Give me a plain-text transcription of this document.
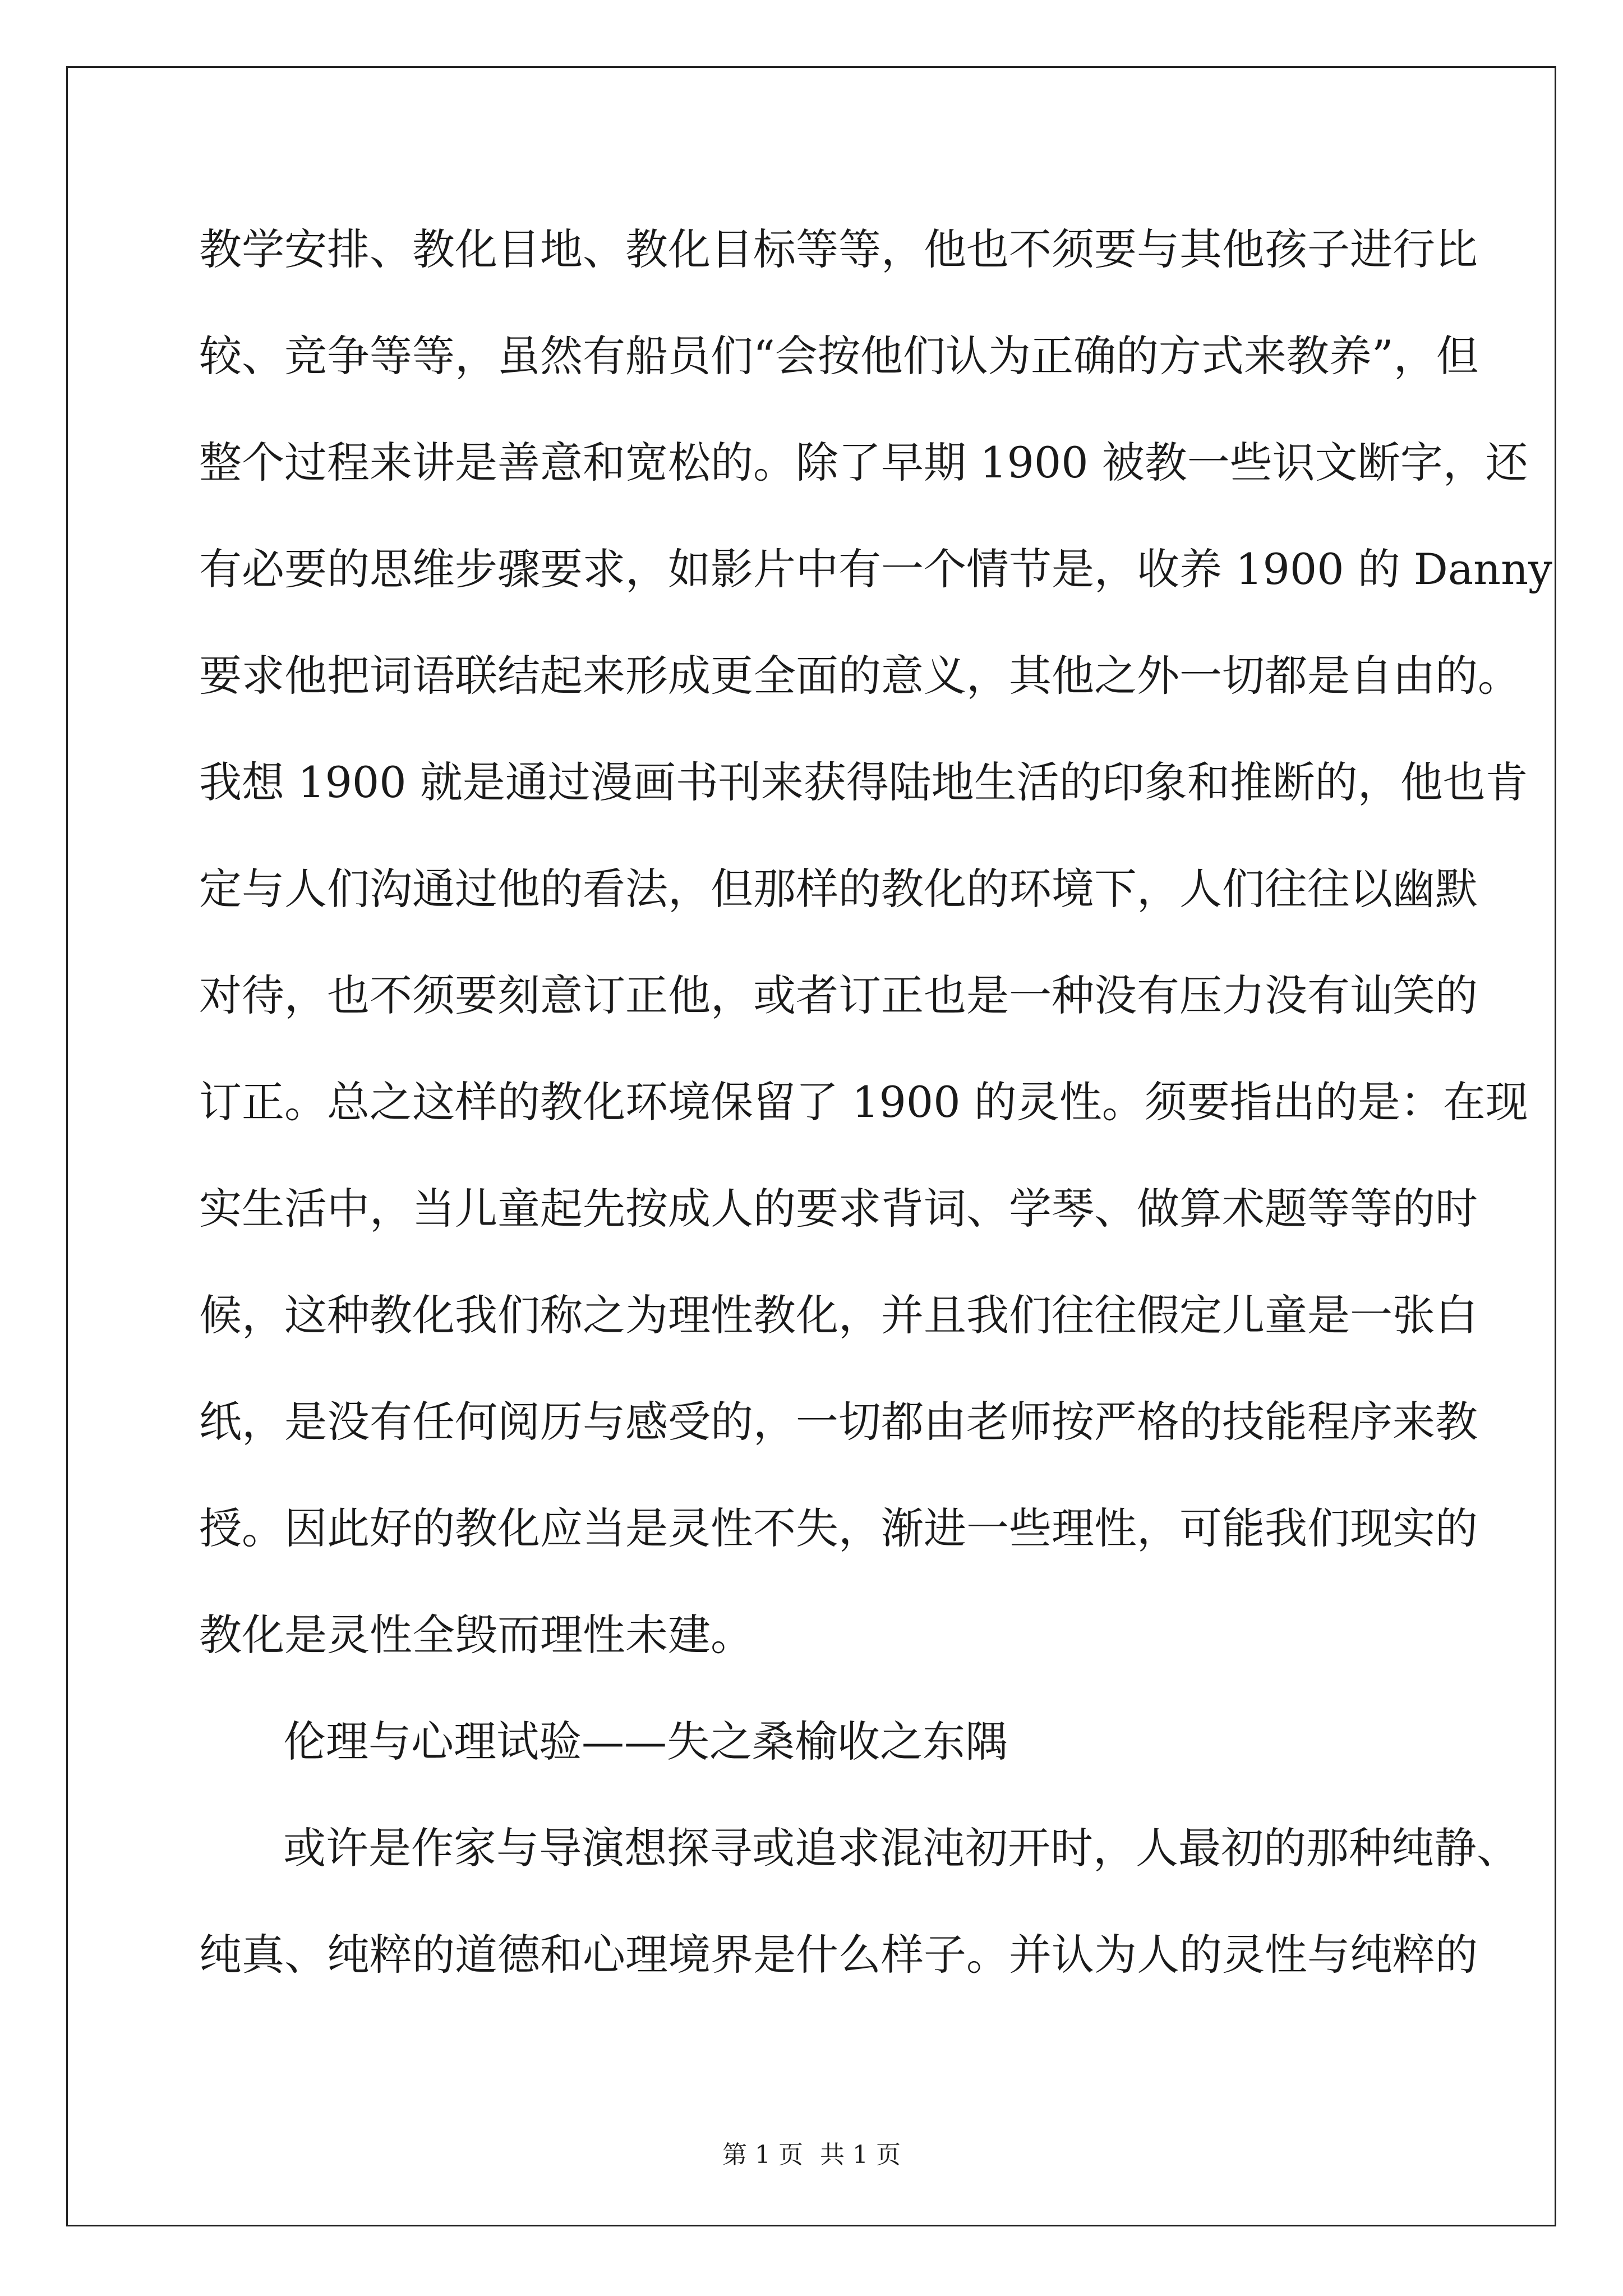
教学安排、教化目地、教化目标等等，他也不须要与其他孩子进行比
较、竞争等等，虽然有船员们“会按他们认为正确的方式来教养”，但
整个过程来讲是善意和宽松的。除了早期 1900 被教一些识文断字，还
有必要的思维步骤要求，如影片中有一个情节是，收养 1900 的 Danny
要求他把词语联结起来形成更全面的意义，其他之外一切都是自由的。
我想 1900 就是通过漫画书刊来获得陆地生活的印象和推断的，他也肯
定与人们沟通过他的看法，但那样的教化的环境下，人们往往以幽默
对待，也不须要刻意订正他，或者订正也是一种没有压力没有讪笑的
订正。总之这样的教化环境保留了 1900 的灵性。须要指出的是：在现
实生活中，当儿童起先按成人的要求背词、学琴、做算术题等等的时
候，这种教化我们称之为理性教化，并且我们往往假定儿童是一张白
纸，是没有任何阅历与感受的，一切都由老师按严格的技能程序来教
授。因此好的教化应当是灵性不失，渐进一些理性，可能我们现实的
教化是灵性全毁而理性未建。
伦理与心理试验——失之桑榆收之东隅
或许是作家与导演想探寻或追求混沌初开时，人最初的那种纯静、
纯真、纯粹的道德和心理境界是什么样子。并认为人的灵性与纯粹的
第 1 页 共 1 页
